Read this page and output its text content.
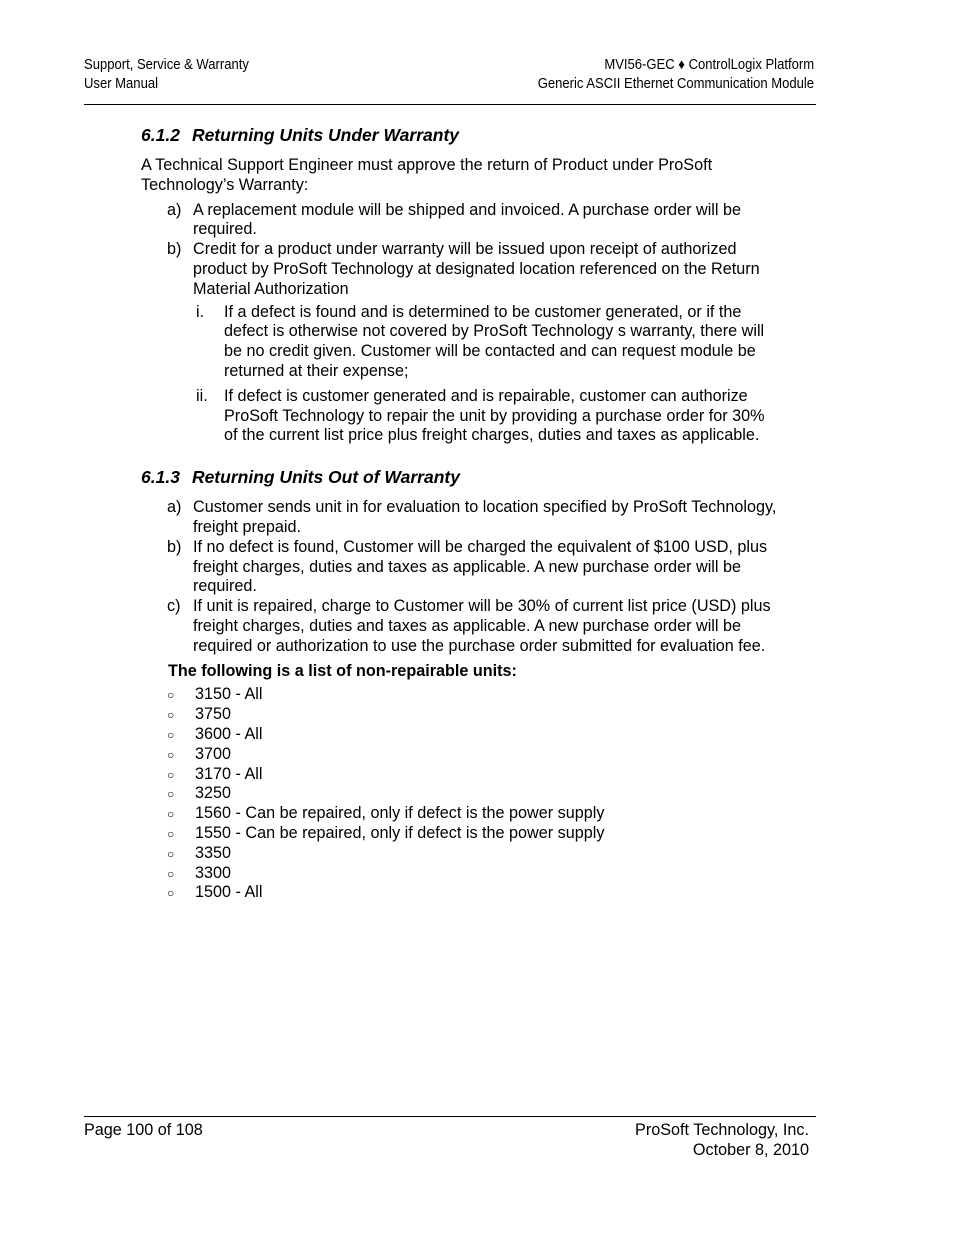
Support, Service & Warranty
User Manual
MVI56-GEC ♦ ControlLogix Platform
Generic ASCII Ethernet Communication Module
6.1.2 Returning Units Under Warranty

A Technical Support Engineer must approve the return of Product under ProSoft Technology’s Warranty:

a) A replacement module will be shipped and invoiced. A purchase order will be required.
b) Credit for a product under warranty will be issued upon receipt of authorized product by ProSoft Technology at designated location referenced on the Return Material Authorization
i. If a defect is found and is determined to be customer generated, or if the defect is otherwise not covered by ProSoft Technology s warranty, there will be no credit given. Customer will be contacted and can request module be returned at their expense;
ii. If defect is customer generated and is repairable, customer can authorize ProSoft Technology to repair the unit by providing a purchase order for 30% of the current list price plus freight charges, duties and taxes as applicable.
6.1.3 Returning Units Out of Warranty
a) Customer sends unit in for evaluation to location specified by ProSoft Technology, freight prepaid.
b) If no defect is found, Customer will be charged the equivalent of $100 USD, plus freight charges, duties and taxes as applicable. A new purchase order will be required.
c) If unit is repaired, charge to Customer will be 30% of current list price (USD) plus freight charges, duties and taxes as applicable. A new purchase order will be required or authorization to use the purchase order submitted for evaluation fee.
The following is a list of non-repairable units:
○ 3150 - All
○ 3750
○ 3600 - All
○ 3700
○ 3170 - All
○ 3250
○ 1560 - Can be repaired, only if defect is the power supply
○ 1550 - Can be repaired, only if defect is the power supply
○ 3350
○ 3300
○ 1500 - All
Page 100 of 108	ProSoft Technology, Inc.
October 8, 2010
